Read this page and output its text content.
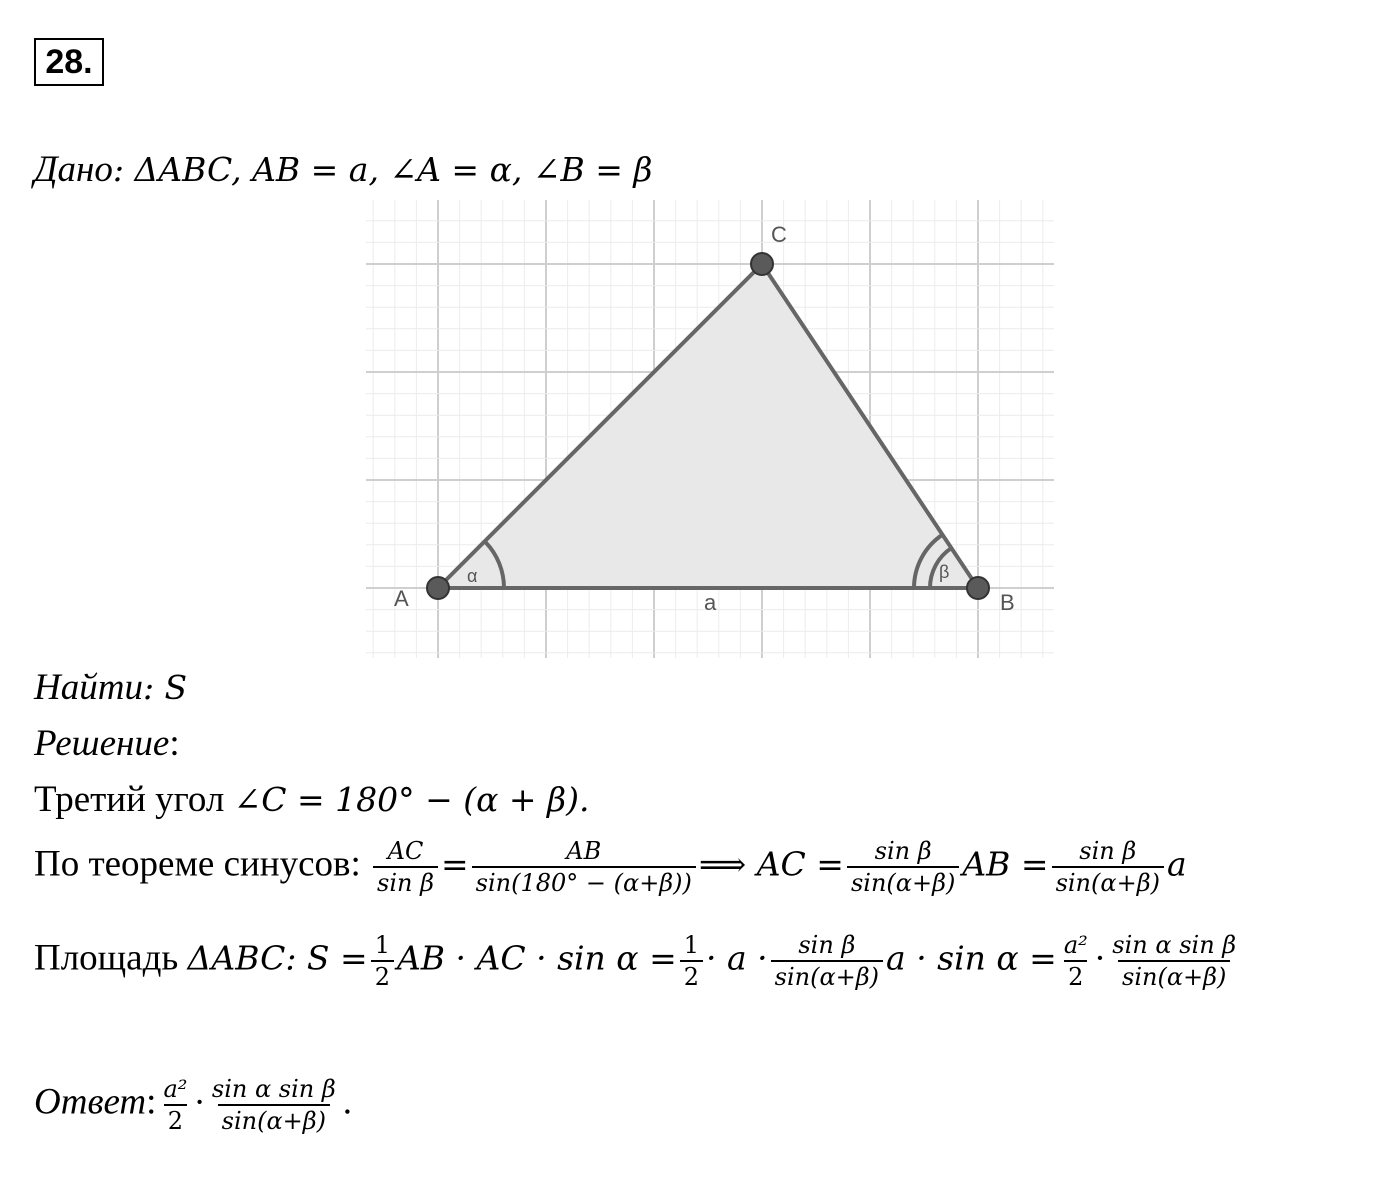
28.
Дано: ΔABC, AB = a, ∠A = α, ∠B = β
A	B
C
a
α	β
Найти: S
Решение:
Третий угол ∠C = 180° − (α + β).
По теореме синусов: $\frac{AC}{\text{sin β}} = \frac{AB}{\sin(180^\circ - (\alpha+\beta))}$ ⟹ AC = $\frac{\text{sin β}}{\sin(\alpha+\beta)}$ AB = $\frac{\text{sin β}}{\sin(\alpha+\beta)}$ a
Площадь ΔABC: $S = \frac{1}{2}$ AB · AC · $\sin \alpha = \frac{1}{2} \cdot a \cdot \frac{\text{sin β}}{\sin(\alpha+\beta)}$ $a \cdot \sin \alpha = \frac{\text{a²}}{2} \cdot \frac{\text{sin α sin β}}{\sin(\alpha+\beta)}$
Ответ: $\frac{\text{a²}}{2} \cdot \frac{\text{sin α sin β}}{\sin(\alpha+\beta)}$ .
